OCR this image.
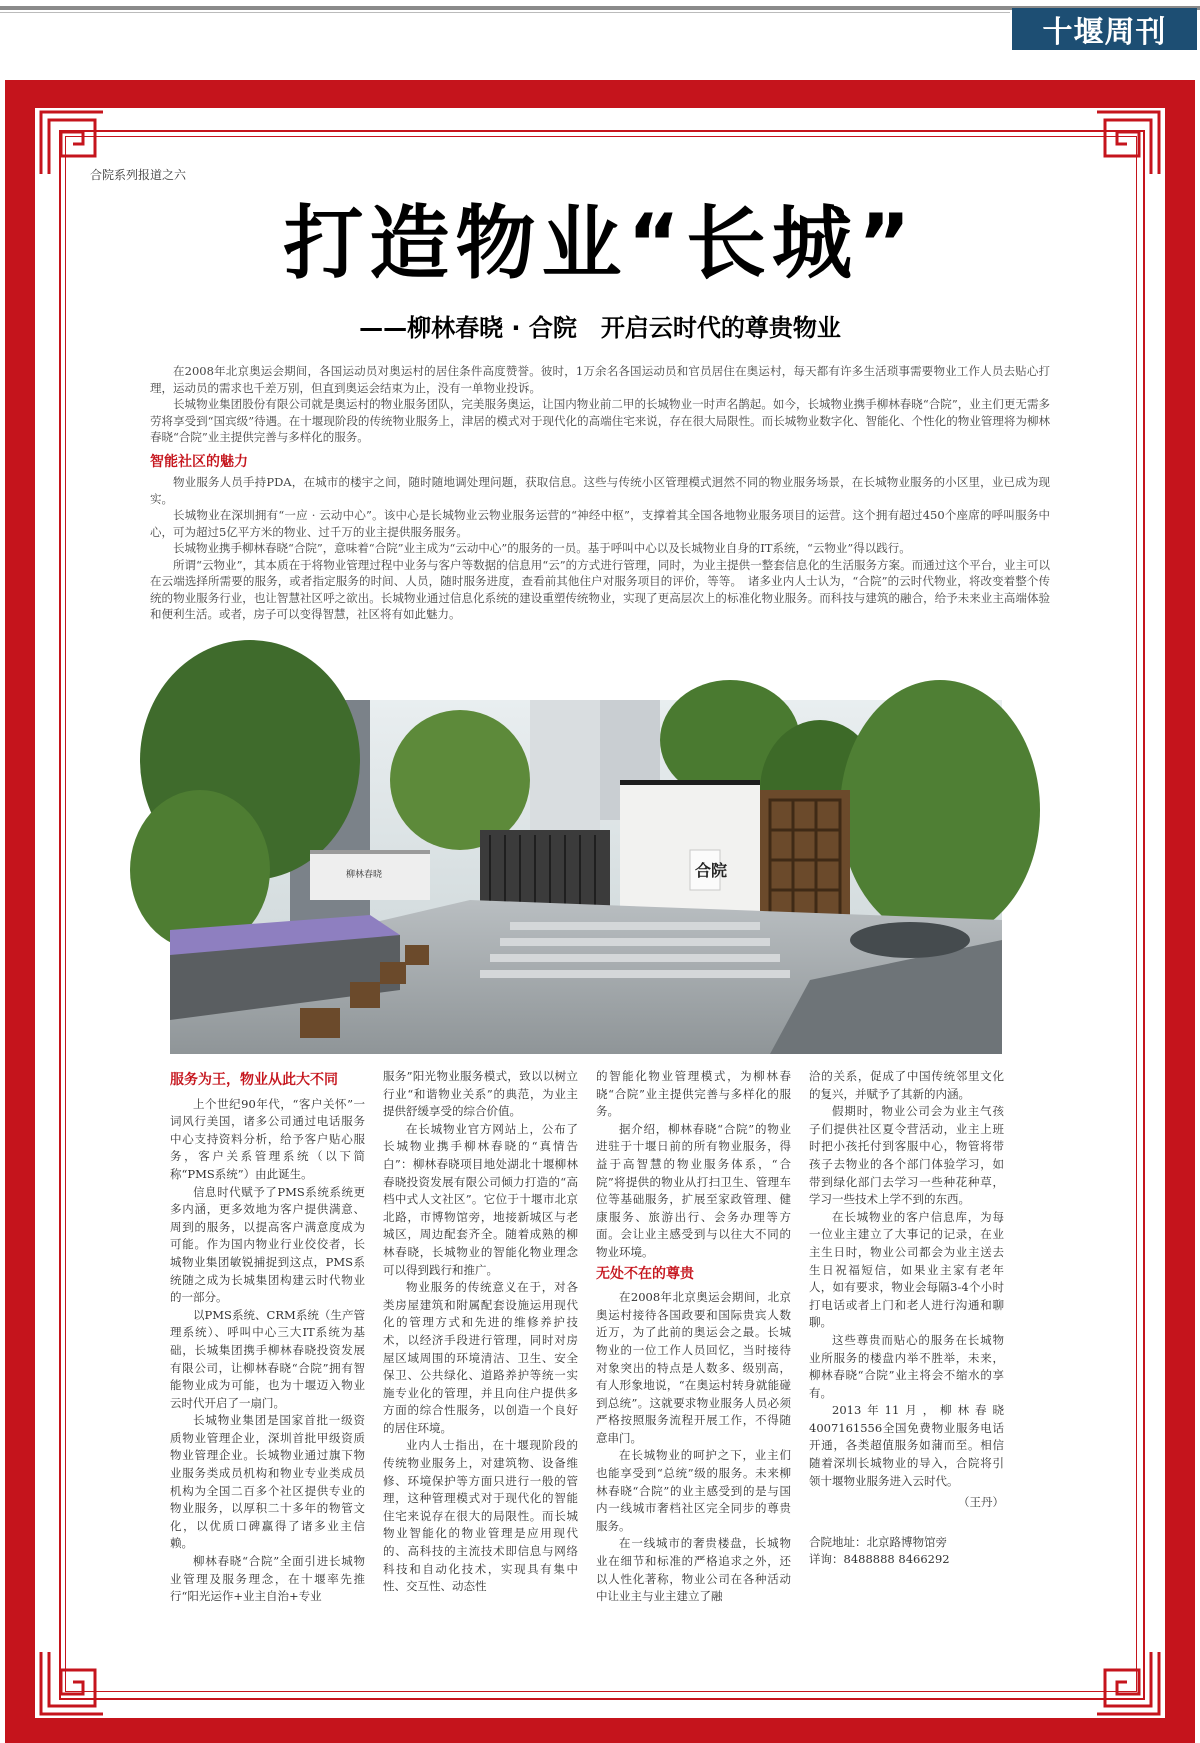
十堰周刊
合院系列报道之六
打造物业“长城”
——柳林春晓 · 合院　开启云时代的尊贵物业

在2008年北京奥运会期间，各国运动员对奥运村的居住条件高度赞誉。彼时，1万余名各国运动员和官员居住在奥运村，每天都有许多生活琐事需要物业工作人员去贴心打理，运动员的需求也千差万别，但直到奥运会结束为止，没有一单物业投诉。

长城物业集团股份有限公司就是奥运村的物业服务团队，完美服务奥运，让国内物业前二甲的长城物业一时声名鹊起。如今，长城物业携手柳林春晓“合院”，业主们更无需多劳将享受到“国宾级”待遇。在十堰现阶段的传统物业服务上，津居的模式对于现代化的高端住宅来说，存在很大局限性。而长城物业数字化、智能化、个性化的物业管理将为柳林春晓“合院”业主提供完善与多样化的服务。

智能社区的魅力

物业服务人员手持PDA，在城市的楼宇之间，随时随地调处理问题，获取信息。这些与传统小区管理模式迥然不同的物业服务场景，在长城物业服务的小区里，业已成为现实。

长城物业在深圳拥有“一应 · 云动中心”。该中心是长城物业云物业服务运营的“神经中枢”，支撑着其全国各地物业服务项目的运营。这个拥有超过450个座席的呼叫服务中心，可为超过5亿平方米的物业、过千万的业主提供服务服务。

长城物业携手柳林春晓“合院”，意味着“合院”业主成为“云动中心”的服务的一员。基于呼叫中心以及长城物业自身的IT系统，“云物业”得以践行。

所谓“云物业”，其本质在于将物业管理过程中业务与客户等数据的信息用“云”的方式进行管理，同时，为业主提供一整套信息化的生活服务方案。而通过这个平台，业主可以在云端选择所需要的服务，或者指定服务的时间、人员，随时服务进度，查看前其他住户对服务项目的评价，等等。　诸多业内人士认为，“合院”的云时代物业，将改变着整个传统的物业服务行业，也让智慧社区呼之欲出。长城物业通过信息化系统的建设重塑传统物业，实现了更高层次上的标准化物业服务。而科技与建筑的融合，给予未来业主高端体验和便利生活。或者，房子可以变得智慧，社区将有如此魅力。

合院
柳林春晓

服务为王，物业从此大不同

上个世纪90年代，“客户关怀”一词风行美国，诸多公司通过电话服务中心支持资料分析，给予客户贴心服务，客户关系管理系统（以下简称“PMS系统”）由此诞生。

信息时代赋予了PMS系统系统更多内涵，更多效地为客户提供满意、周到的服务，以提高客户满意度成为可能。作为国内物业行业佼佼者，长城物业集团敏锐捕捉到这点，PMS系统随之成为长城集团构建云时代物业的一部分。

以PMS系统、CRM系统（生产管理系统）、呼叫中心三大IT系统为基础，长城集团携手柳林春晓投资发展有限公司，让柳林春晓“合院”拥有智能物业成为可能，也为十堰迈入物业云时代开启了一扇门。

长城物业集团是国家首批一级资质物业管理企业，深圳首批甲级资质物业管理企业。长城物业通过旗下物业服务类成员机构和物业专业类成员机构为全国二百多个社区提供专业的物业服务，以厚积二十多年的物管文化，以优质口碑赢得了诸多业主信赖。

柳林春晓“合院”全面引进长城物业管理及服务理念，在十堰率先推行“阳光运作+业主自治+专业

服务”阳光物业服务模式，致以以树立行业“和谐物业关系”的典范，为业主提供舒缓享受的综合价值。

在长城物业官方网站上，公布了长城物业携手柳林春晓的“真情告白”：柳林春晓项目地处湖北十堰柳林春晓投资发展有限公司倾力打造的“高档中式人文社区”。它位于十堰市北京北路，市博物馆旁，地接新城区与老城区，周边配套齐全。随着成熟的柳林春晓，长城物业的智能化物业理念可以得到践行和推广。

物业服务的传统意义在于，对各类房屋建筑和附属配套设施运用现代化的管理方式和先进的维修养护技术，以经济手段进行管理，同时对房屋区域周围的环境清洁、卫生、安全保卫、公共绿化、道路养护等统一实施专业化的管理，并且向住户提供多方面的综合性服务，以创造一个良好的居住环境。

业内人士指出，在十堰现阶段的传统物业服务上，对建筑物、设备维修、环境保护等方面只进行一般的管理，这种管理模式对于现代化的智能住宅来说存在很大的局限性。而长城物业智能化的物业管理是应用现代的、高科技的主流技术即信息与网络科技和自动化技术，实现具有集中性、交互性、动态性

的智能化物业管理模式，为柳林春晓“合院”业主提供完善与多样化的服务。

据介绍，柳林春晓“合院”的物业进驻于十堰日前的所有物业服务，得益于高智慧的物业服务体系，“合院”将提供的物业从打扫卫生、管理车位等基础服务，扩展至家政管理、健康服务、旅游出行、会务办理等方面。会让业主感受到与以往大不同的物业环境。

无处不在的尊贵

在2008年北京奥运会期间，北京奥运村接待各国政要和国际贵宾人数近万，为了此前的奥运会之最。长城物业的一位工作人员回忆，当时接待对象突出的特点是人数多、级别高，有人形象地说，“在奥运村转身就能碰到总统”。这就要求物业服务人员必须严格按照服务流程开展工作，不得随意串门。

在长城物业的呵护之下，业主们也能享受到“总统”级的服务。未来柳林春晓“合院”的业主感受到的是与国内一线城市奢档社区完全同步的尊贵服务。

在一线城市的奢贵楼盘，长城物业在细节和标准的严格追求之外，还以人性化著称，物业公司在各种活动中让业主与业主建立了融

洽的关系，促成了中国传统邻里文化的复兴，并赋予了其新的内涵。

假期时，物业公司会为业主气孩子们提供社区夏令营活动，业主上班时把小孩托付到客服中心，物管将带孩子去物业的各个部门体验学习，如带到绿化部门去学习一些种花种草，学习一些技术上学不到的东西。

在长城物业的客户信息库，为每一位业主建立了大事记的记录，在业主生日时，物业公司都会为业主送去生日祝福短信，如果业主家有老年人，如有要求，物业会每隔3-4个小时打电话或者上门和老人进行沟通和聊聊。

这些尊贵而贴心的服务在长城物业所服务的楼盘内举不胜举，未来，柳林春晓“合院”业主将会不缩水的享有。

2013年11月，柳林春晓4007161556全国免费物业服务电话开通，各类超值服务如蒲而至。相信随着深圳长城物业的导入，合院将引领十堰物业服务进入云时代。

（王丹）

合院地址：北京路博物馆旁

详询：8488888 8466292
